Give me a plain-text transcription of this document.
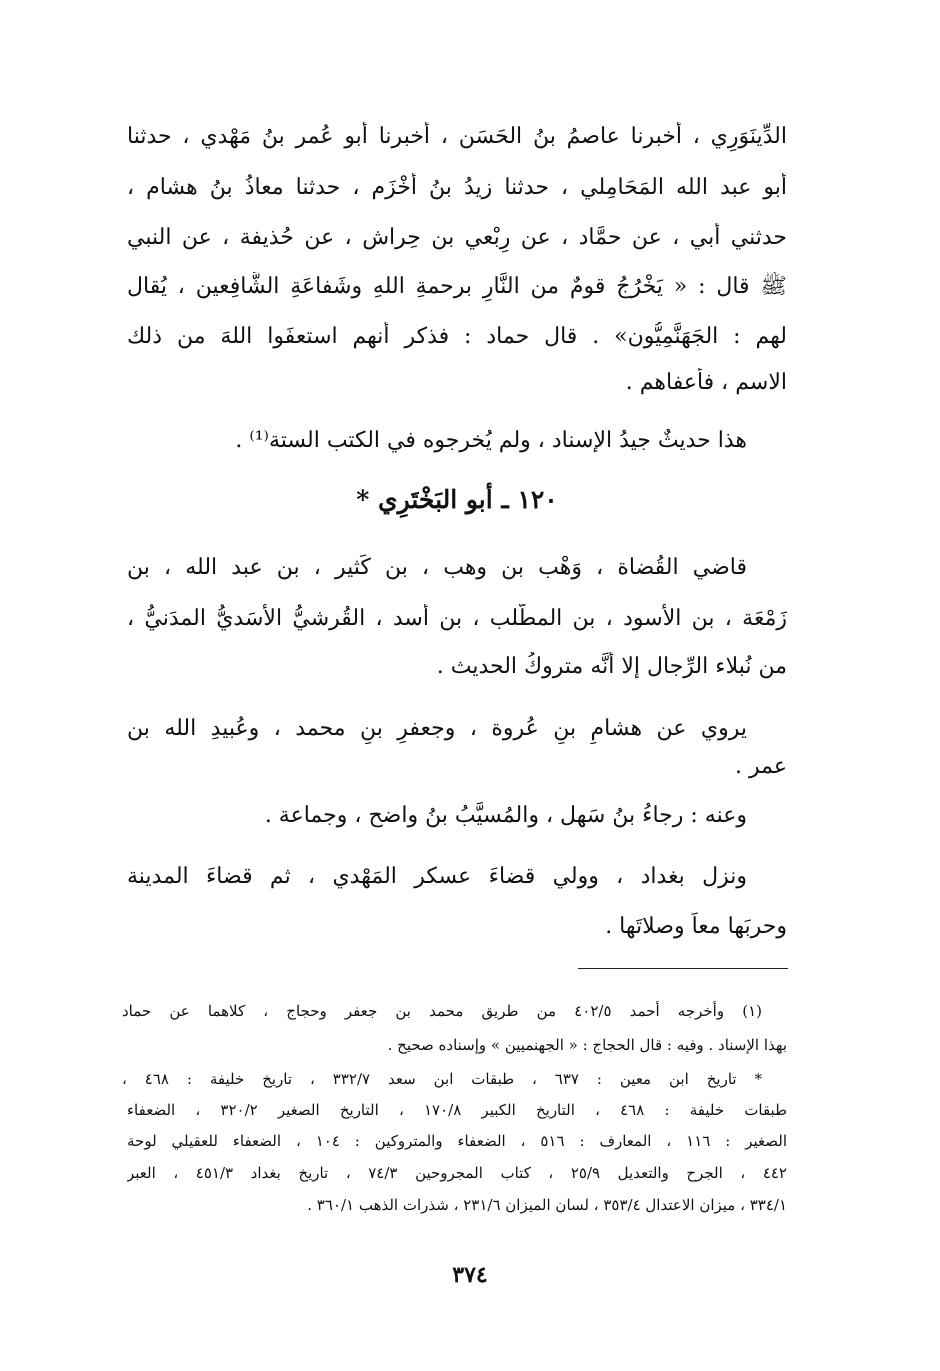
الدِّينَوَرِي ، أخبرنا عاصمُ بنُ الحَسَن ، أخبرنا أبو عُمر بنُ مَهْدي ، حدثنا
أبو عبد الله المَحَامِلي ، حدثنا زيدُ بنُ أَخْزَم ، حدثنا معاذُ بنُ هشام ،
حدثني أبي ، عن حمَّاد ، عن رِبْعي بن حِراش ، عن حُذيفة ، عن النبي
ﷺ قال : « يَخْرُجُ قومٌ من النَّارِ برحمةِ اللهِ وشَفاعَةِ الشَّافِعين ، يُقال
لهم : الجَهَنَّمِيُّون» . قال حماد : فذكر أنهم استعفَوا اللهَ من ذلك
الاسم ، فأعفاهم .
هذا حديثٌ جيدُ الإسناد ، ولم يُخرجوه في الكتب الستة⁽¹⁾ .
قاضي القُضاة ، وَهْب بن وهب ، بن كَثير ، بن عبد الله ، بن
زَمْعَة ، بن الأسود ، بن المطَّلب ، بن أسد ، القُرشيُّ الأَسَديُّ المدَنيُّ ،
من نُبلاء الرِّجال إلا أنَّه متروكُ الحديث .
يروي عن هشامِ بنِ عُروة ، وجعفرِ بنِ محمد ، وعُبيدِ الله بن
عمر .
وعنه : رجاءُ بنُ سَهل ، والمُسيَّبُ بنُ واضح ، وجماعة .
ونزل بغداد ، وولي قضاءَ عسكر المَهْدي ، ثم قضاءَ المدينة
وحربَها معاً وصلاتَها .
١٢٠ ـ أبو البَخْتَرِي *
(١) وأخرجه أحمد ٤٠٢/٥ من طريق محمد بن جعفر وحجاج ، كلاهما عن حماد
بهذا الإسناد . وفيه : قال الحجاج : « الجهنميين » وإسناده صحيح .
* تاريخ ابن معين : ٦٣٧ ، طبقات ابن سعد ٣٣٢/٧ ، تاريخ خليفة : ٤٦٨ ،
طبقات خليفة : ٤٦٨ ، التاريخ الكبير ١٧٠/٨ ، التاريخ الصغير ٣٢٠/٢ ، الضعفاء
الصغير : ١١٦ ، المعارف : ٥١٦ ، الضعفاء والمتروكين : ١٠٤ ، الضعفاء للعقيلي لوحة
٤٤٢ ، الجرح والتعديل ٢٥/٩ ، كتاب المجروحين ٧٤/٣ ، تاريخ بغداد ٤٥١/٣ ، العبر
٣٣٤/١ ، ميزان الاعتدال ٣٥٣/٤ ، لسان الميزان ٢٣١/٦ ، شذرات الذهب ٣٦٠/١ .
٣٧٤
